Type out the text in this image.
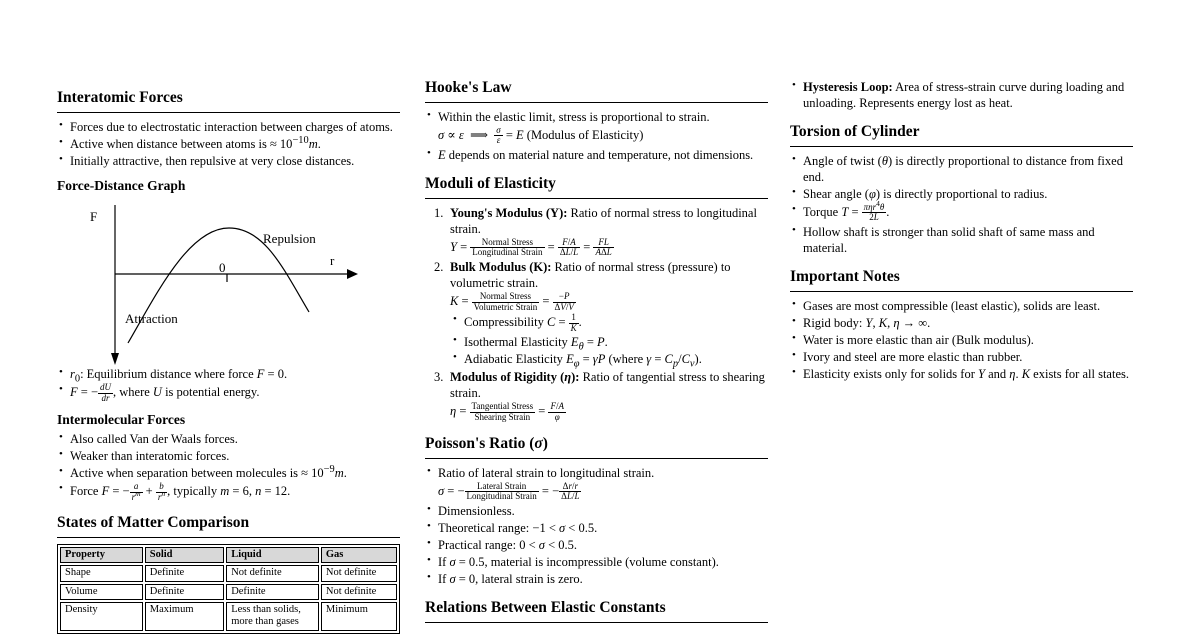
Interatomic Forces
• Forces due to electrostatic interaction between charges of atoms.
• Active when distance between atoms is ≈ $10^{-10}m$.
• Initially attractive, then repulsive at very close distances.
Force-Distance Graph
F
r
0
Repulsion
Attraction
• $r_0$: Equilibrium distance where force F = 0.
• F = − $\frac{dU}{dr}$ , where U is potential energy.
Intermolecular Forces
• Also called Van der Waals forces.
• Weaker than interatomic forces.
• Active when separation between molecules is ≈ $10^{-9}m$.
• Force F = − $\frac{a}{r^m} + \frac{b}{r^n}$ , typically m = 6, n = 12.
States of Matter Comparison
Property	Solid	Liquid	Gas
Shape	Definite	Not definite	Not definite
Volume	Definite	Definite	Not definite
Density	Maximum	Less than solids, more than gases	Minimum
Hooke's Law
• Within the elastic limit, stress is proportional to strain.
σ ∝ ε  ⟹ $\frac{\sigma}{\varepsilon} = E$ (Modulus of Elasticity)
• E depends on material nature and temperature, not dimensions.
Moduli of Elasticity
1. Young's Modulus (Y): Ratio of normal stress to longitudinal strain.
Y =	Normal Stress
Longitudinal Strain = $\frac{F/A}{\Delta L/L}$ = FL
AΔL
2. Bulk Modulus (K): Ratio of normal stress (pressure) to volumetric strain.
K = Normal Stress
Volumetric Strain = $\frac{-P}{\Delta V/V}$
• Compressibility $C = \frac{1}{K}$ .
• Isothermal Elasticity $E_\theta = P$.
• Adiabatic Elasticity $E_\varphi = \gamma P$ (where $\gamma = C_p/C_v$).
3. Modulus of Rigidity (η): Ratio of tangential stress to shearing strain.
η = Tangential Stress
Shearing Strain = $\frac{F/A}{\varphi}$
Poisson's Ratio (σ)
• Ratio of lateral strain to longitudinal strain.
σ = −	Lateral Strain
Longitudinal Strain = − $\frac{\Delta r/r}{\Delta L/L}$
• Dimensionless.
• Theoretical range: −1 < σ < 0.5.
• Practical range: 0 < σ < 0.5.
• If σ = 0.5, material is incompressible (volume constant).
• If σ = 0, lateral strain is zero.
Relations Between Elastic Constants
• Hysteresis Loop: Area of stress-strain curve during loading and unloading. Represents energy lost as heat.
Torsion of Cylinder
• Angle of twist (θ) is directly proportional to distance from fixed end.
• Shear angle (φ) is directly proportional to radius.
• Torque T = πηr$^4$θ
2L .
• Hollow shaft is stronger than solid shaft of same mass and material.
Important Notes
• Gases are most compressible (least elastic), solids are least.
• Rigid body: Y, K, η → ∞.
• Water is more elastic than air (Bulk modulus).
• Ivory and steel are more elastic than rubber.
• Elasticity exists only for solids for Y and η. K exists for all states.
